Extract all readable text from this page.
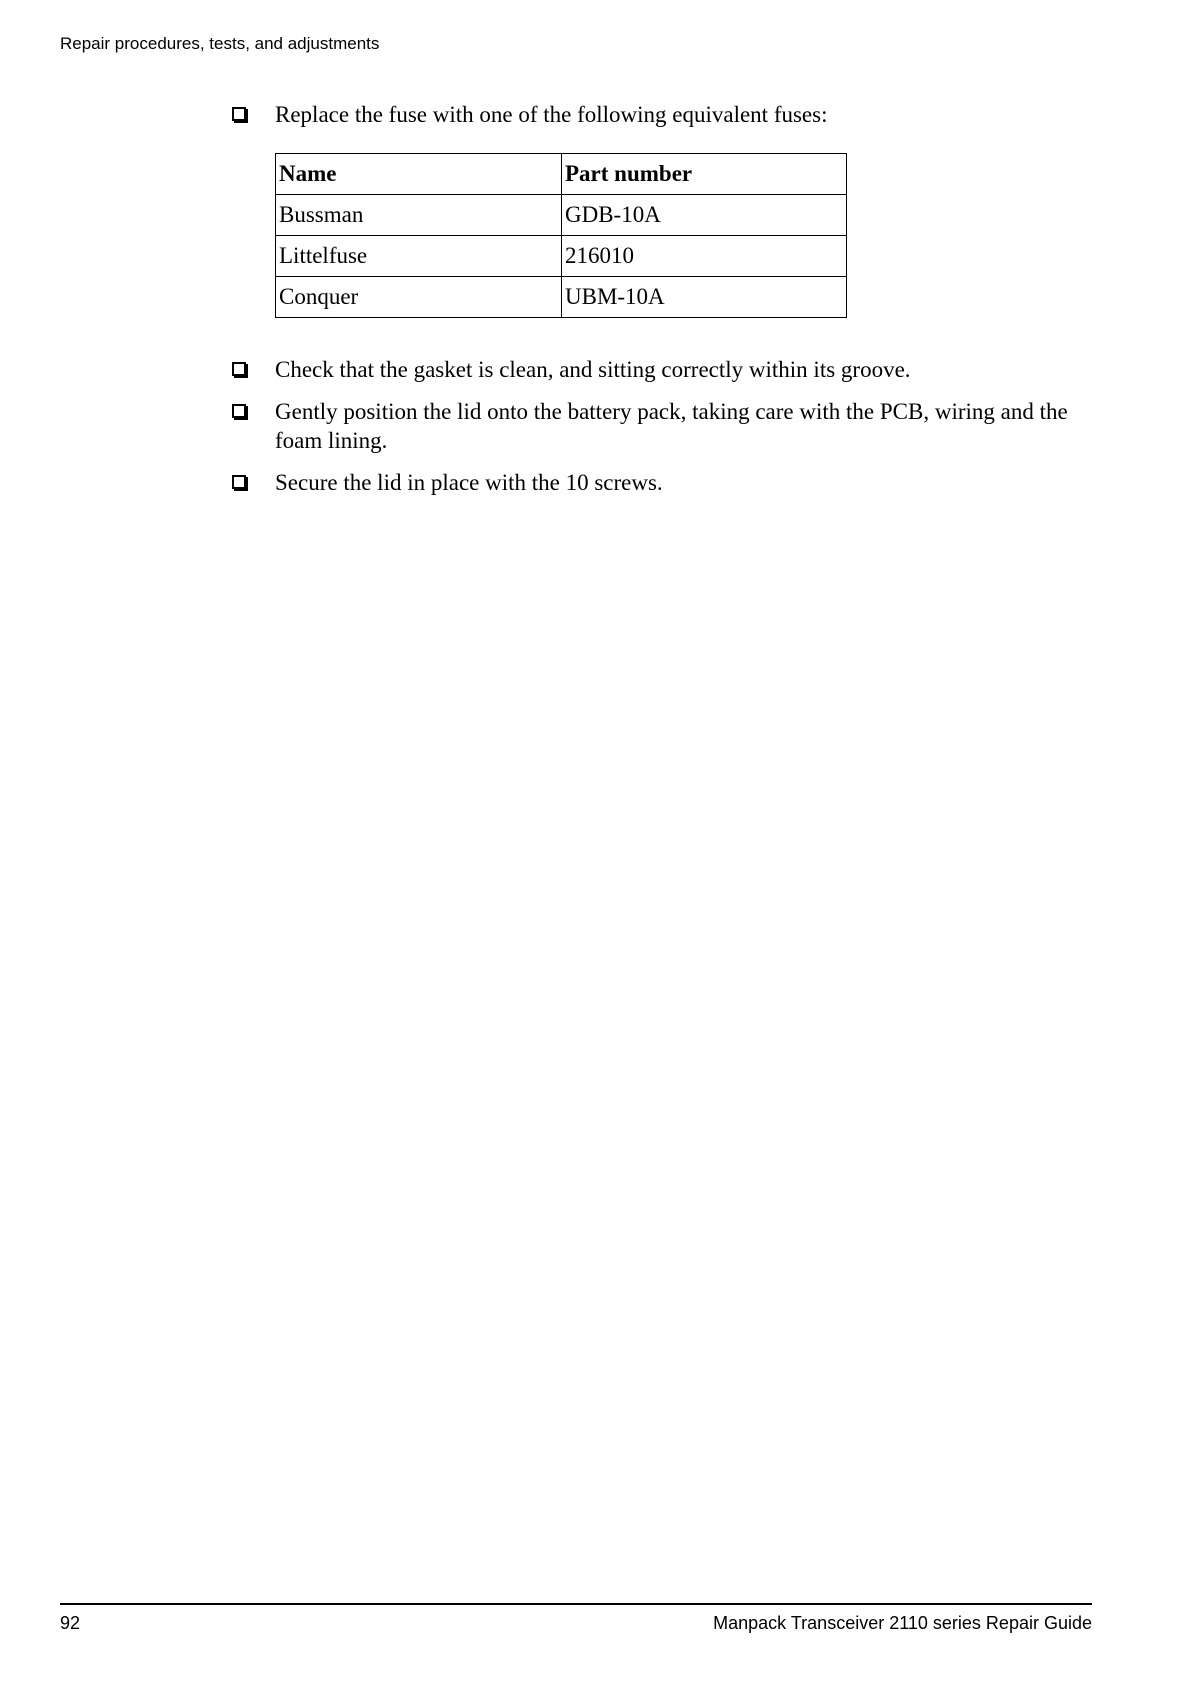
Repair procedures, tests, and adjustments
Replace the fuse with one of the following equivalent fuses:
Name	Part number
Bussman	GDB-10A
Littelfuse	216010
Conquer	UBM-10A
Check that the gasket is clean, and sitting correctly within its groove.
Gently position the lid onto the battery pack, taking care with the PCB, wiring and the foam lining.
Secure the lid in place with the 10 screws.
92	Manpack Transceiver 2110 series Repair Guide
